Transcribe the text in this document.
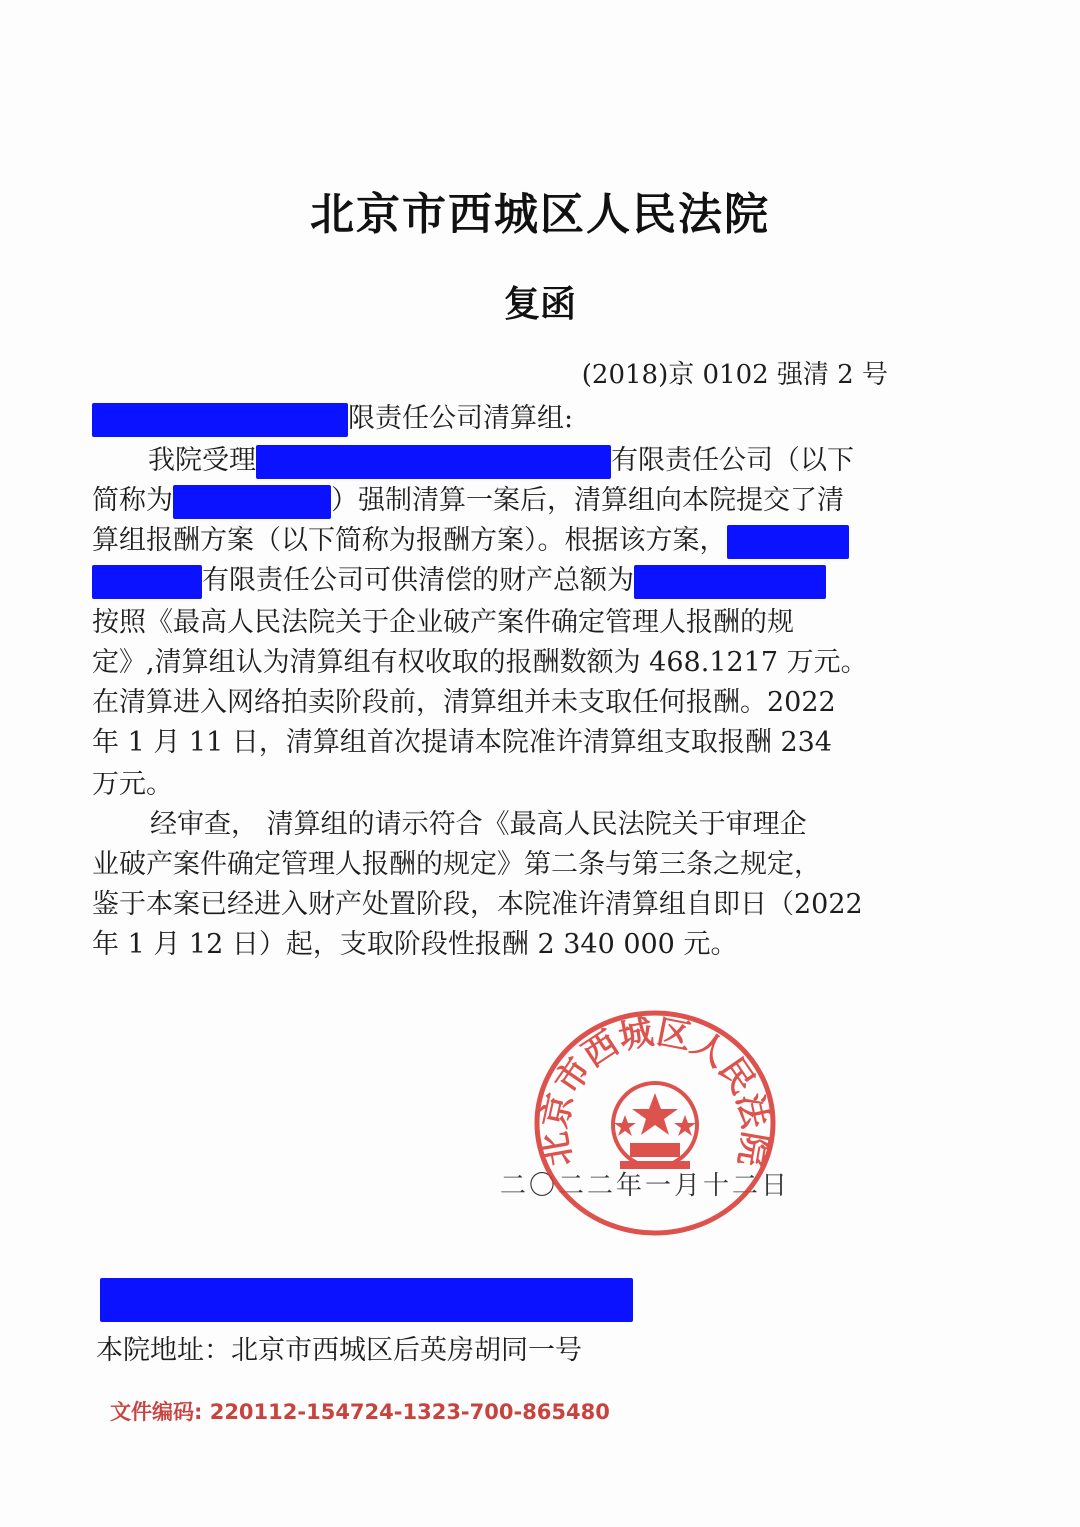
北京市西城区人民法院
复函
(2018)京 0102 强清 2 号
限责任公司清算组:
我院受理	有限责任公司（以下
简称为	）强制清算一案后，清算组向本院提交了清
算组报酬方案（以下简称为报酬方案）。根据该方案，
有限责任公司可供清偿的财产总额为
按照《最高人民法院关于企业破产案件确定管理人报酬的规
定》,清算组认为清算组有权收取的报酬数额为 468.1217 万元。
在清算进入网络拍卖阶段前，清算组并未支取任何报酬。2022
年 1 月 11 日，清算组首次提请本院准许清算组支取报酬 234
万元。
经审查， 清算组的请示符合《最高人民法院关于审理企
业破产案件确定管理人报酬的规定》第二条与第三条之规定，
鉴于本案已经进入财产处置阶段，本院准许清算组自即日（2022
年 1 月 12 日）起，支取阶段性报酬 2 340 000 元。
二〇二二年一月十二日
北京市西城区人民法院
本院地址：北京市西城区后英房胡同一号
文件编码: 220112-154724-1323-700-865480
